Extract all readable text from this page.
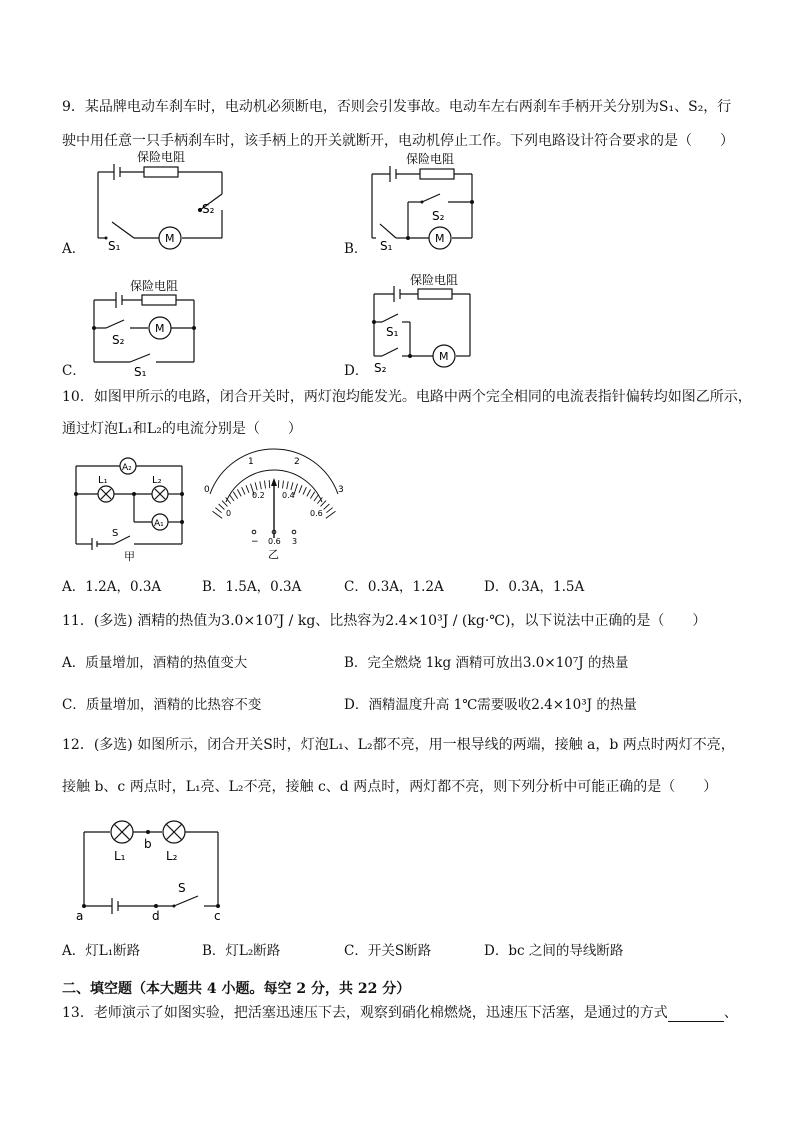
9．某品牌电动车刹车时，电动机必须断电，否则会引发事故。电动车左右两刹车手柄开关分别为S₁、S₂，行
驶中用任意一只手柄刹车时，该手柄上的开关就断开，电动机停止工作。下列电路设计符合要求的是（　　）
A．
保险电阻
M
S₂
S₁	B．
保险电阻
M
S₂
S₁
C．
保险电阻
M
S₂
S₁	D．
保险电阻
M
S₁
S₂
10．如图甲所示的电路，闭合开关时，两灯泡均能发光。电路中两个完全相同的电流表指针偏转均如图乙所示，
通过灯泡L₁和L₂的电流分别是（　　）
A₂
A₁
L₁	L₂
S
甲
0
1	2
3
0
0.2 0.4
0.6
− 0.6 3
乙
A．1.2A，0.3A	B．1.5A，0.3A	C．0.3A，1.2A	D．0.3A，1.5A
11．(多选) 酒精的热值为3.0×10⁷J / kg、比热容为2.4×10³J / (kg·℃)，以下说法中正确的是（　　）
A．质量增加，酒精的热值变大	B．完全燃烧 1kg 酒精可放出3.0×10⁷J 的热量
C．质量增加，酒精的比热容不变	D．酒精温度升高 1℃需要吸收2.4×10³J 的热量
12．(多选) 如图所示，闭合开关S时，灯泡L₁、L₂都不亮，用一根导线的两端，接触 a，b 两点时两灯不亮，
接触 b、c 两点时，L₁亮、L₂不亮，接触 c、d 两点时，两灯都不亮，则下列分析中可能正确的是（　　）
b
L₁	L₂
S
a	d	c
A．灯L₁断路	B．灯L₂断路	C．开关S断路	D．bc 之间的导线断路
二、填空题（本大题共 4 小题。每空 2 分，共 22 分）
13．老师演示了如图实验，把活塞迅速压下去，观察到硝化棉燃烧，迅速压下活塞，是通过的方式	、
